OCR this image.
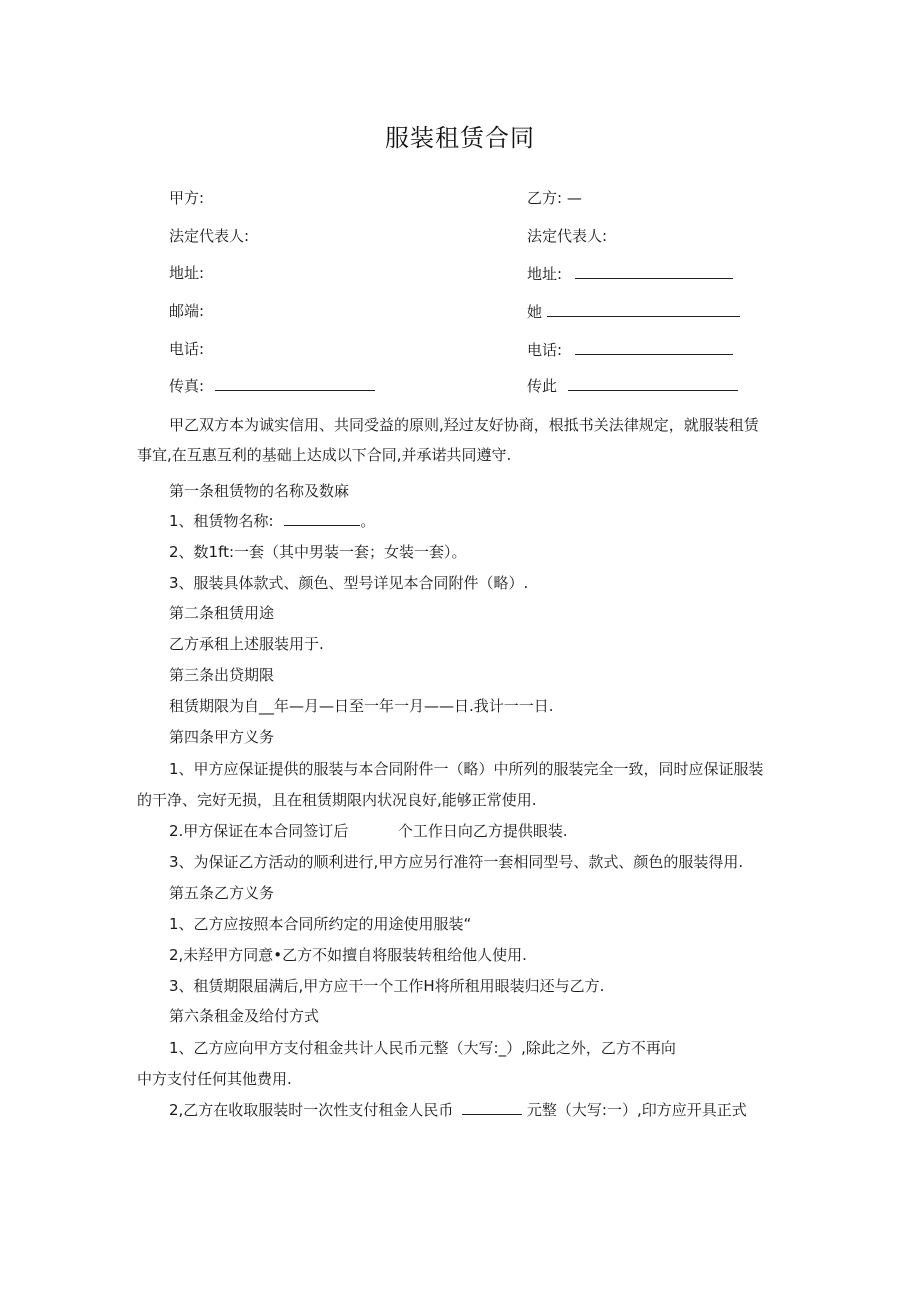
服装租赁合同
甲方:	乙方: —
法定代表人:	法定代表人:
地址:	地址:
邮端:	她
电话:	电话:
传真:	传此
甲乙双方本为诚实信用、共同受益的原则,羟过友好协商，根抵书关法律规定，就服装租赁
事宜,在互惠互利的基础上达成以下合同,并承诺共同遵守.
第一条租赁物的名称及数麻
1、租赁物名称:	。
2、数1ft:一套（其中男装一套；女装一套）。
3、服装具体款式、颜色、型号详见本合同附件（略）.
第二条租赁用途
乙方承租上述服装用于.
第三条出贷期限
租赁期限为自__年—月—日至一年一月——日.我计一一日.
第四条甲方义务
1、甲方应保证提供的服装与本合同附件一（略）中所列的服装完全一致，同时应保证服装
的干净、完好无损，且在租赁期限内状况良好,能够正常使用.
2.甲方保证在本合同签订后	个工作日向乙方提供眼装.
3、为保证乙方活动的顺利进行,甲方应另行准符一套相同型号、款式、颜色的服装得用.
第五条乙方义务
1、乙方应按照本合同所约定的用途使用服装“
2,未羟甲方同意•乙方不如擅自将服装转租给他人使用.
3、租赁期限届满后,甲方应干一个工作H将所租用眼装归还与乙方.
第六条租金及给付方式
1、乙方应向甲方支付租金共计人民币元整（大写:_）,除此之外，乙方不再向
中方支付任何其他费用.
2,乙方在收取服装时一次性支付租金人民币	元整（大写:一）,印方应开具正式
